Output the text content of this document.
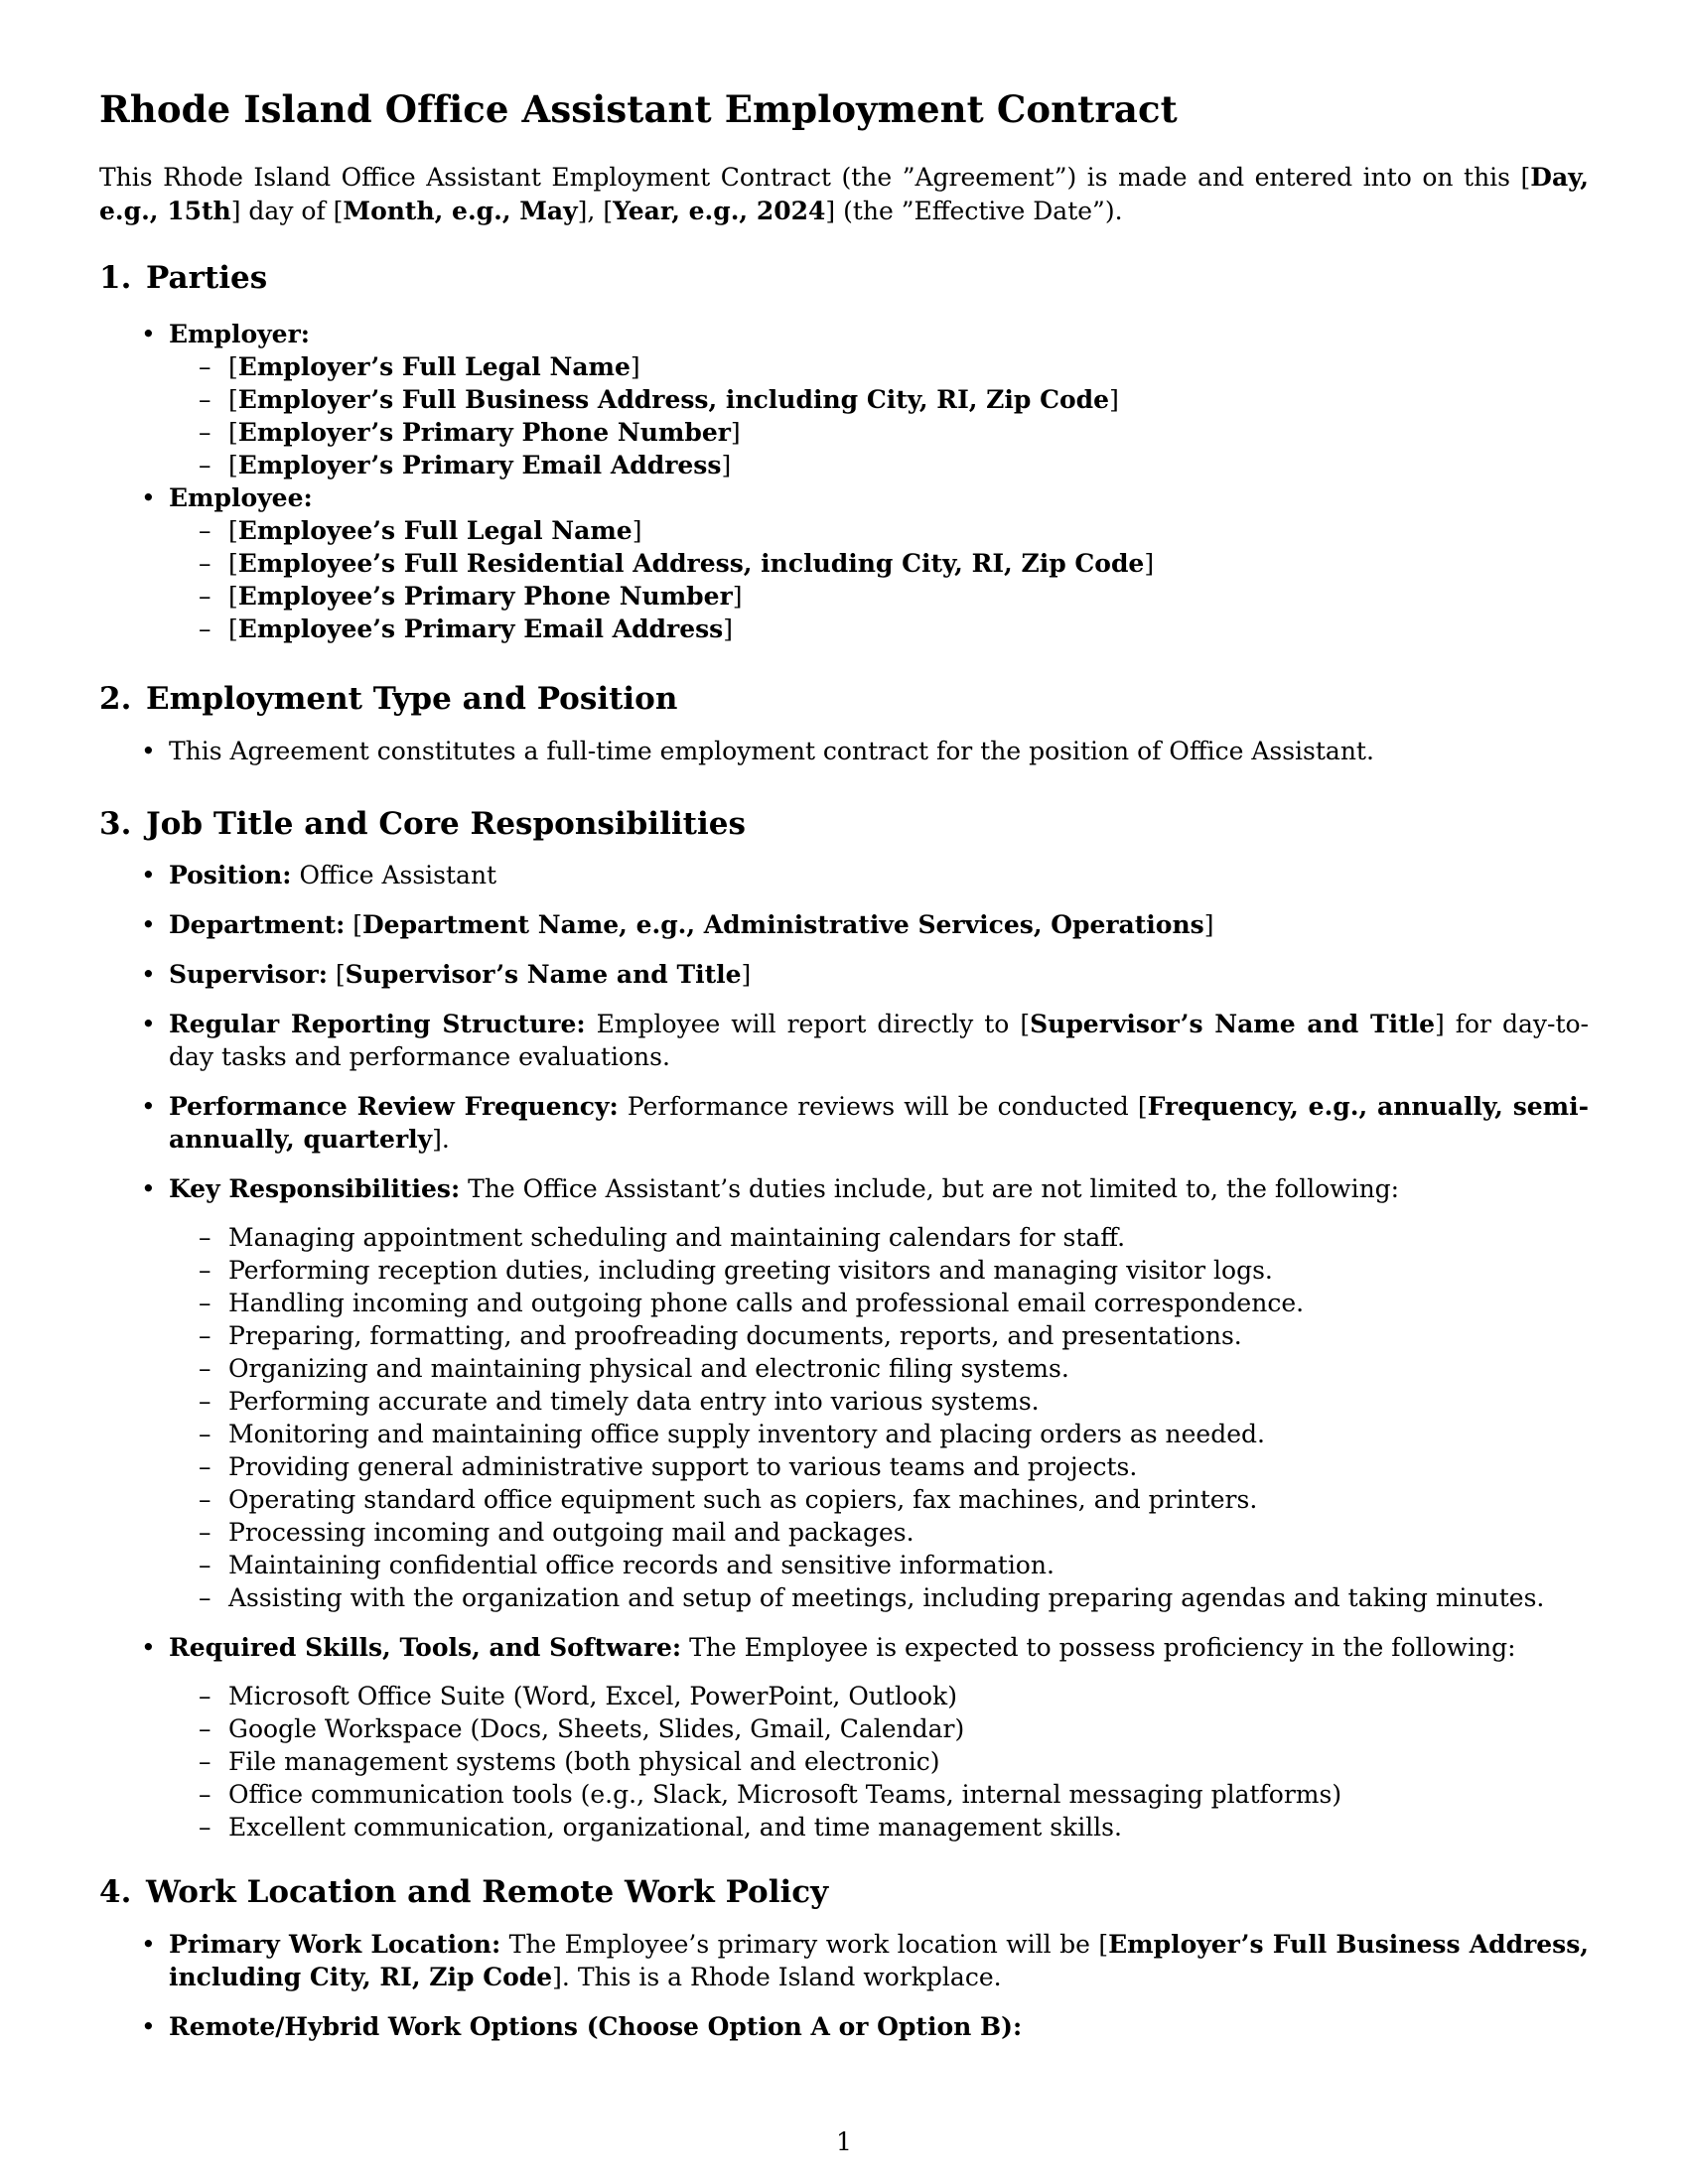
Rhode Island Office Assistant Employment Contract

This Rhode Island Office Assistant Employment Contract (the ”Agreement”) is made and entered into on this [Day, e.g., 15th] day of [Month, e.g., May], [Year, e.g., 2024] (the ”Effective Date”).

1. Parties
• Employer:
– [Employer’s Full Legal Name]
– [Employer’s Full Business Address, including City, RI, Zip Code]
– [Employer’s Primary Phone Number]
– [Employer’s Primary Email Address]
• Employee:
– [Employee’s Full Legal Name]
– [Employee’s Full Residential Address, including City, RI, Zip Code]
– [Employee’s Primary Phone Number]
– [Employee’s Primary Email Address]
2. Employment Type and Position
• This Agreement constitutes a full-time employment contract for the position of Office Assistant.
3. Job Title and Core Responsibilities
• Position: Office Assistant
• Department: [Department Name, e.g., Administrative Services, Operations]
• Supervisor: [Supervisor’s Name and Title]
• Regular Reporting Structure: Employee will report directly to [Supervisor’s Name and Title] for day-to-day tasks and performance evaluations.
• Performance Review Frequency: Performance reviews will be conducted [Frequency, e.g., annually, semi-annually, quarterly].
• Key Responsibilities: The Office Assistant’s duties include, but are not limited to, the following:
– Managing appointment scheduling and maintaining calendars for staff.
– Performing reception duties, including greeting visitors and managing visitor logs.
– Handling incoming and outgoing phone calls and professional email correspondence.
– Preparing, formatting, and proofreading documents, reports, and presentations.
– Organizing and maintaining physical and electronic filing systems.
– Performing accurate and timely data entry into various systems.
– Monitoring and maintaining office supply inventory and placing orders as needed.
– Providing general administrative support to various teams and projects.
– Operating standard office equipment such as copiers, fax machines, and printers.
– Processing incoming and outgoing mail and packages.
– Maintaining confidential office records and sensitive information.
– Assisting with the organization and setup of meetings, including preparing agendas and taking minutes.
• Required Skills, Tools, and Software: The Employee is expected to possess proficiency in the following:
– Microsoft Office Suite (Word, Excel, PowerPoint, Outlook)
– Google Workspace (Docs, Sheets, Slides, Gmail, Calendar)
– File management systems (both physical and electronic)
– Office communication tools (e.g., Slack, Microsoft Teams, internal messaging platforms)
– Excellent communication, organizational, and time management skills.
4. Work Location and Remote Work Policy
• Primary Work Location: The Employee’s primary work location will be [Employer’s Full Business Address, including City, RI, Zip Code]. This is a Rhode Island workplace.
• Remote/Hybrid Work Options (Choose Option A or Option B):
1
